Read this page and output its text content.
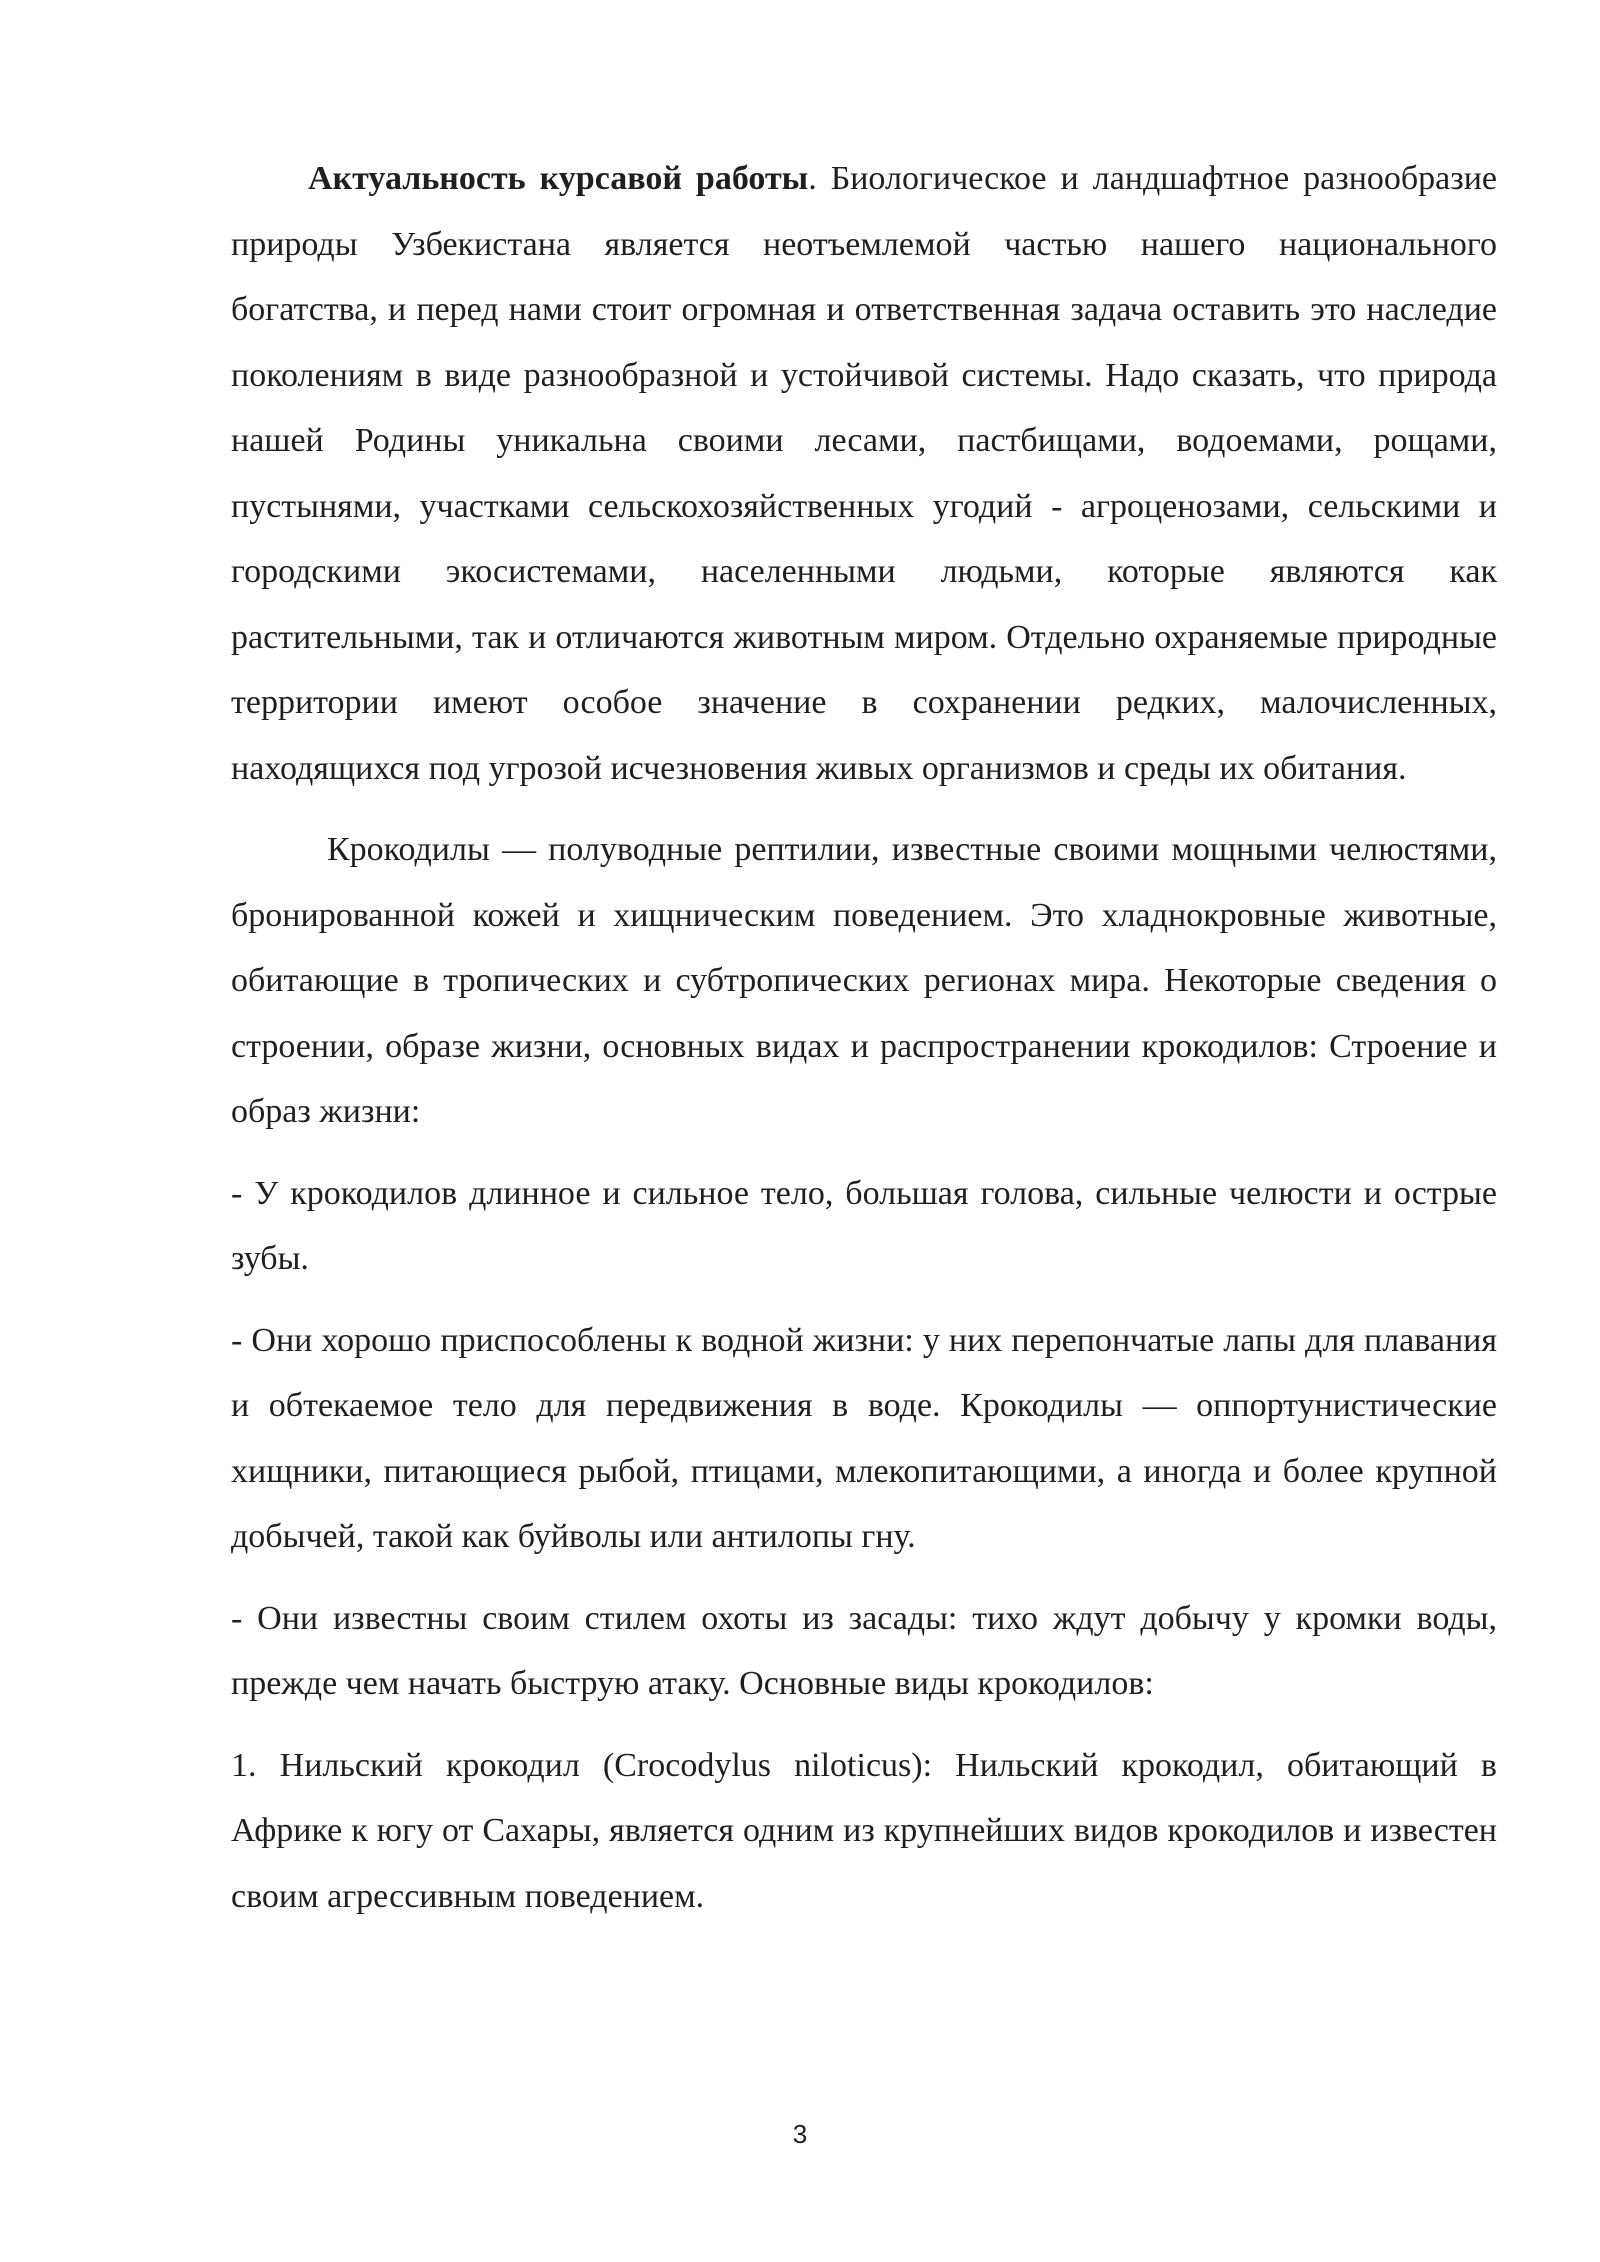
Актуальность курсавой работы. Биологическое и ландшафтное разнообразие природы Узбекистана является неотъемлемой частью нашего национального богатства, и перед нами стоит огромная и ответственная задача оставить это наследие поколениям в виде разнообразной и устойчивой системы. Надо сказать, что природа нашей Родины уникальна своими лесами, пастбищами, водоемами, рощами, пустынями, участками сельскохозяйственных угодий - агроценозами, сельскими и городскими экосистемами, населенными людьми, которые являются как растительными, так и отличаются животным миром. Отдельно охраняемые природные территории имеют особое значение в сохранении редких, малочисленных, находящихся под угрозой исчезновения живых организмов и среды их обитания.

Крокодилы — полуводные рептилии, известные своими мощными челюстями, бронированной кожей и хищническим поведением. Это хладнокровные животные, обитающие в тропических и субтропических регионах мира. Некоторые сведения о строении, образе жизни, основных видах и распространении крокодилов: Строение и образ жизни:

- У крокодилов длинное и сильное тело, большая голова, сильные челюсти и острые зубы.

- Они хорошо приспособлены к водной жизни: у них перепончатые лапы для плавания и обтекаемое тело для передвижения в воде. Крокодилы — оппортунистические хищники, питающиеся рыбой, птицами, млекопитающими, а иногда и более крупной добычей, такой как буйволы или антилопы гну.

- Они известны своим стилем охоты из засады: тихо ждут добычу у кромки воды, прежде чем начать быструю атаку. Основные виды крокодилов:

1. Нильский крокодил (Crocodylus niloticus): Нильский крокодил, обитающий в Африке к югу от Сахары, является одним из крупнейших видов крокодилов и известен своим агрессивным поведением.

3
